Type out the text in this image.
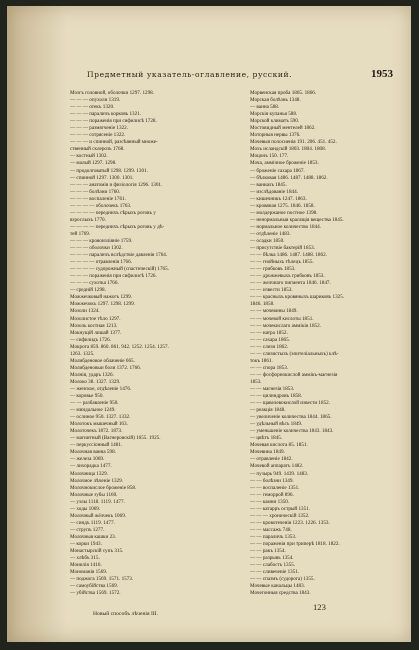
Предметный указатель-оглавление, русский.	1953
Мозгъ головной, оболочки 1297. 1298.
— — — опухоли 1319.
— — — отекъ 1320.
— — — параличъ корковъ 1321.
— — — пораженія при сифилисѣ 1728.
— — — размягченіе 1322.
— — — сотрясеніе 1322.
— — — и спинной, разсѣянный множе-
ственный склерозъ 1768.
— костный 1302.
— малый 1297. 1298.
— продолговатый 1298. 1299. 1301.
— спинной 1297. 1300. 1301.
— — — анатомія и физіологія 1296. 1301.
— — — болѣзни 1760.
— — — воспаленіе 1761.
— — — — оболочекъ 1763.
— — — — переднихъ сѣрыхъ роговъ у
взрослыхъ 1770.
— — — — переднихъ сѣрыхъ роговъ у дѣ-
тей 1769.
— — — кровоизліяніе 1759.
— — — оболочки 1302.
— — — параличъ вслѣдствіе давленія 1764.
— — — — отравленія 1766.
— — — — судорожный (спастическій) 1765.
— — — пораженія при сифилисѣ 1726.
— — — сухотка 1766.
— средній 1298.
Можжечковый нажогъ 1299.
Можжечокъ 1297. 1298. 1299.
Мозоли 1324.
Мозолистое тѣло 1297.
Мозоль костная 1213.
Мокнущій лишай 1377.
— сифилидъ 1726.
Мокрота 859. 860. 861. 942. 1252. 1254. 1257.
1263. 1325.
Молибденовое облаченіе 665.
Молибденовыи боли 1372. 1766.
Молнія, ударъ 1326.
Молоко 38. 1327. 1329.
— женское, отдѣленіе 1476.
— коровье 950.
— — разбавленіе 950.
— миндальное 1249.
— ослиное 950. 1327. 1332.
Молотокъ мышечный 163.
Молоточекъ 1872. 1873.
— магнитный (Вагнеровскій) 1655. 1925.
— перкуссіонный 1481.
Молочная ванна 598.
— железа 1069.
— лихорадка 1477.
Молочница 1329.
Молочное лѣченіе 1329.
Молочнокислое броженіе 858.
Молочные зубы 1160.
— узлы 1118. 1119. 1477.
— ходы 1069.
Молочный жёлчекъ 1069.
— синдъ 1119. 1477.
— струпъ 1277.
Молочныя кашки 23.
— корки 1943.
Монастырскій супъ 315.
— хлѣбъ 315.
Монилія 1416.
Мономанія 1569.
— поджога 1569. 1571. 1573.
— самоубійства 1569.
— убійства 1569. 1572.
Морвенская проба 1865. 1866.
Морская болѣзнь 1348.
— ванна 588.
Морскія купанья 588.
Морской климатъ 590.
Мостовидный ментелей 1862.
Моторныя нервы 1376.
Мочевыя полосиенія 191. 206. 451. 452.
Мохъ исландскій 1803. 1804. 1808.
Моцонъ 150. 177.
Моча, аммічное броженіе 1853.
— броженіе сахара 1867.
— бѣлковая 1486. 1487. 1488. 1862.
— ваннахъ 1845.
— изслѣдованіе 1844.
— кишечникъ 1247. 1863.
— кровяная 1275. 1846. 1858.
— молдержаное постное 1398.
— ненормальныя красящія вещества 1845.
— нормальное количество 1844.
— отдѣленіе 1483.
— осадки 1850.
— присутствіе бактерій 1853.
— — бѣлка 1486. 1487. 1488. 1862.
— — гнойныхъ тѣлецъ 1855.
— — грибковъ 1853.
— — дрожжевыхъ грибковъ 1853.
— — желчнаго пигмента 1846. 1847.
— — извести 1853.
— — красныхъ кровяныхъ шариковъ 1325.
1846. 1858.
— — мочевины 1849.
— — мочевой кислоты 1851.
— — мочекислаго аммікія 1852.
— — натра 1852.
— — сахара 1865.
— — слизи 1862.
— — слизистыхъ (эпителіальныхъ) клѣ-
токъ 1861.
— — спора 1853.
— — фосфорнокислой аммікъ-магнезія
1853.
— — магнезія 1853.
— — цилиндровъ 1858.
— — щавелевокислой извести 1852.
— реакція 1848.
— увеличеніе количества 1844. 1865.
— удѣльный вѣсъ 1849.
— уменьшеніе количества 1843. 1843.
— цвѣтъ 1845.
Мочевая кислота 85. 1851.
Мочевина 1849.
— отравленіе 1842.
Мочевой аппаратъ 1482.
— пузырь 949. 1439. 1483.
— — болѣзни 1349.
— — воспаленіе 1351.
— — геморрой 896.
— — камни 1350.
— — катарръ острый 1351.
— — — хроническій 1352.
— — кровотеченія 1223. 1226. 1353.
— — массажъ 748.
— — параличъ 1353.
— — пораженія при триперѣ 1818. 1822.
— — ракъ 1354.
— — разрывъ 1354.
— — слабость 1355.
— — сливеченіе 1351.
— — спазмъ (судорога) 1355.
Мочевые канальцы 1483.
Мочегонныя средства 1843.
Новый способъ лѣченія III.
123
